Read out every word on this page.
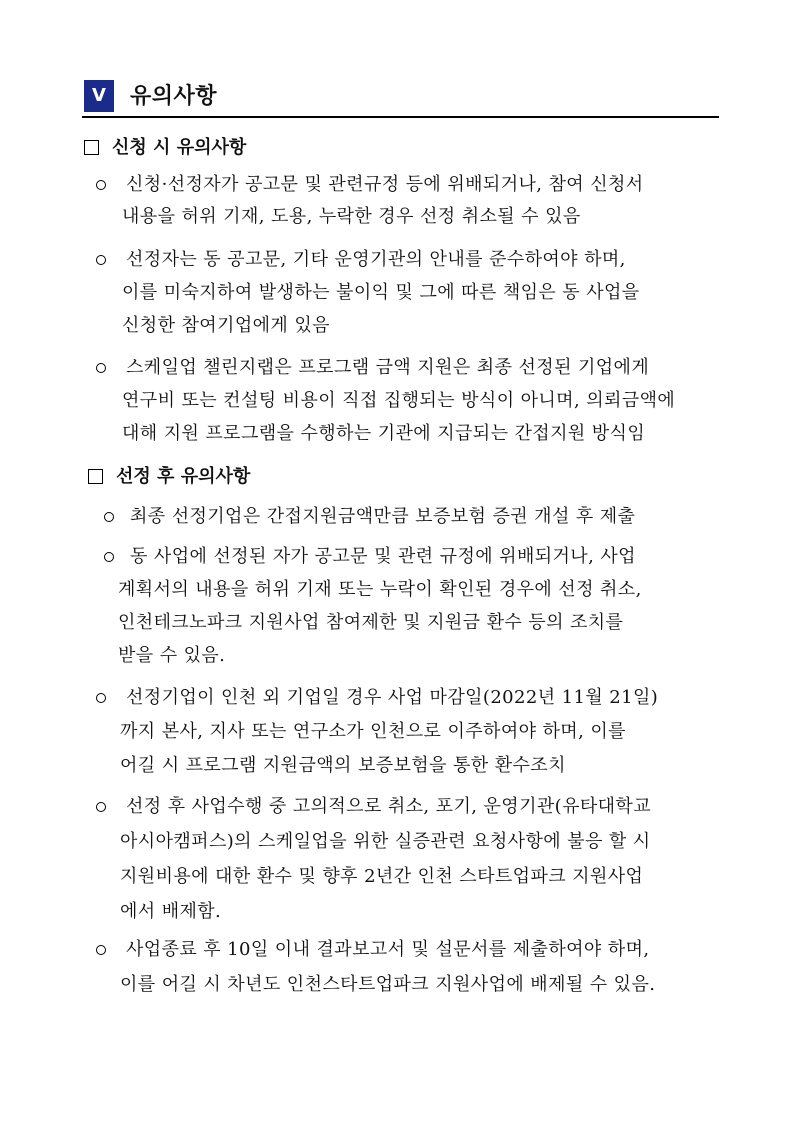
V	유의사항
신청 시 유의사항
신청·선정자가 공고문 및 관련규정 등에 위배되거나, 참여 신청서
내용을 허위 기재, 도용, 누락한 경우 선정 취소될 수 있음
선정자는 동 공고문, 기타 운영기관의 안내를 준수하여야 하며,
이를 미숙지하여 발생하는 불이익 및 그에 따른 책임은 동 사업을
신청한 참여기업에게 있음
스케일업 챌린지랩은 프로그램 금액 지원은 최종 선정된 기업에게
연구비 또는 컨설팅 비용이 직접 집행되는 방식이 아니며, 의뢰금액에
대해 지원 프로그램을 수행하는 기관에 지급되는 간접지원 방식임
선정 후 유의사항
최종 선정기업은 간접지원금액만큼 보증보험 증권 개설 후 제출
동 사업에 선정된 자가 공고문 및 관련 규정에 위배되거나, 사업
계획서의 내용을 허위 기재 또는 누락이 확인된 경우에 선정 취소,
인천테크노파크 지원사업 참여제한 및 지원금 환수 등의 조치를
받을 수 있음.
선정기업이 인천 외 기업일 경우 사업 마감일(2022년 11월 21일)
까지 본사, 지사 또는 연구소가 인천으로 이주하여야 하며, 이를
어길 시 프로그램 지원금액의 보증보험을 통한 환수조치
선정 후 사업수행 중 고의적으로 취소, 포기, 운영기관(유타대학교
아시아캠퍼스)의 스케일업을 위한 실증관련 요청사항에 불응 할 시
지원비용에 대한 환수 및 향후 2년간 인천 스타트업파크 지원사업
에서 배제함.
사업종료 후 10일 이내 결과보고서 및 설문서를 제출하여야 하며,
이를 어길 시 차년도 인천스타트업파크 지원사업에 배제될 수 있음.
